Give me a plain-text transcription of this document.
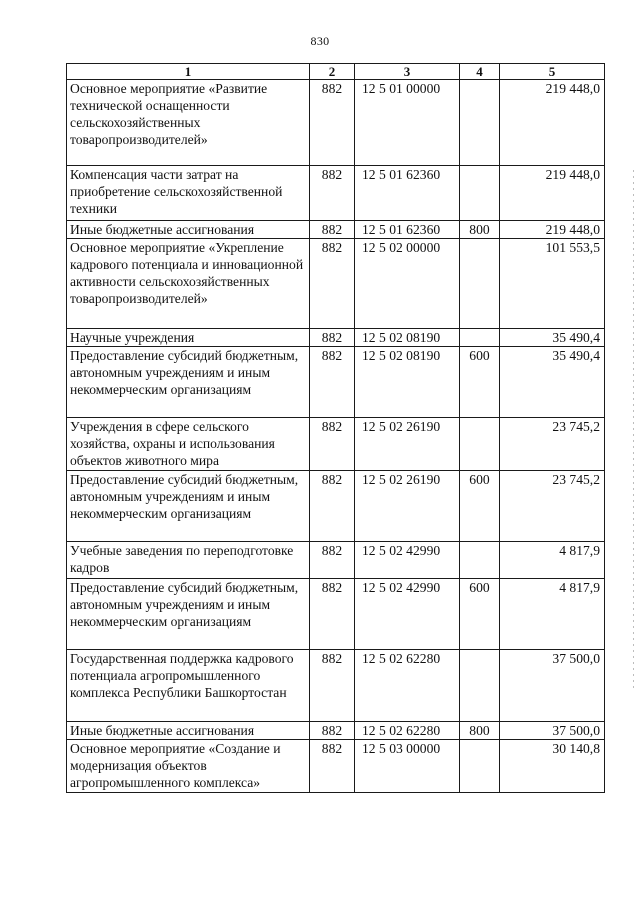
830
1	2	3	4	5
Основное мероприятие «Развитие технической оснащенности сельскохозяйственных товаропроизводителей»	882	12 5 01 00000		219 448,0
Компенсация части затрат на приобретение сельскохозяйственной техники	882	12 5 01 62360		219 448,0
Иные бюджетные ассигнования	882	12 5 01 62360	800	219 448,0
Основное мероприятие «Укрепление кадрового потенциала и инновационной активности сельскохозяйственных товаропроизводителей»	882	12 5 02 00000		101 553,5
Научные учреждения	882	12 5 02 08190		35 490,4
Предоставление субсидий бюджетным, автономным учреждениям и иным некоммерческим организациям	882	12 5 02 08190	600	35 490,4
Учреждения в сфере сельского хозяйства, охраны и использования объектов животного мира	882	12 5 02 26190		23 745,2
Предоставление субсидий бюджетным, автономным учреждениям и иным некоммерческим организациям	882	12 5 02 26190	600	23 745,2
Учебные заведения по переподготовке кадров	882	12 5 02 42990		4 817,9
Предоставление субсидий бюджетным, автономным учреждениям и иным некоммерческим организациям	882	12 5 02 42990	600	4 817,9
Государственная поддержка кадрового потенциала агропромышленного комплекса Республики Башкортостан	882	12 5 02 62280		37 500,0
Иные бюджетные ассигнования	882	12 5 02 62280	800	37 500,0
Основное мероприятие «Создание и модернизация объектов агропромышленного комплекса»	882	12 5 03 00000		30 140,8
